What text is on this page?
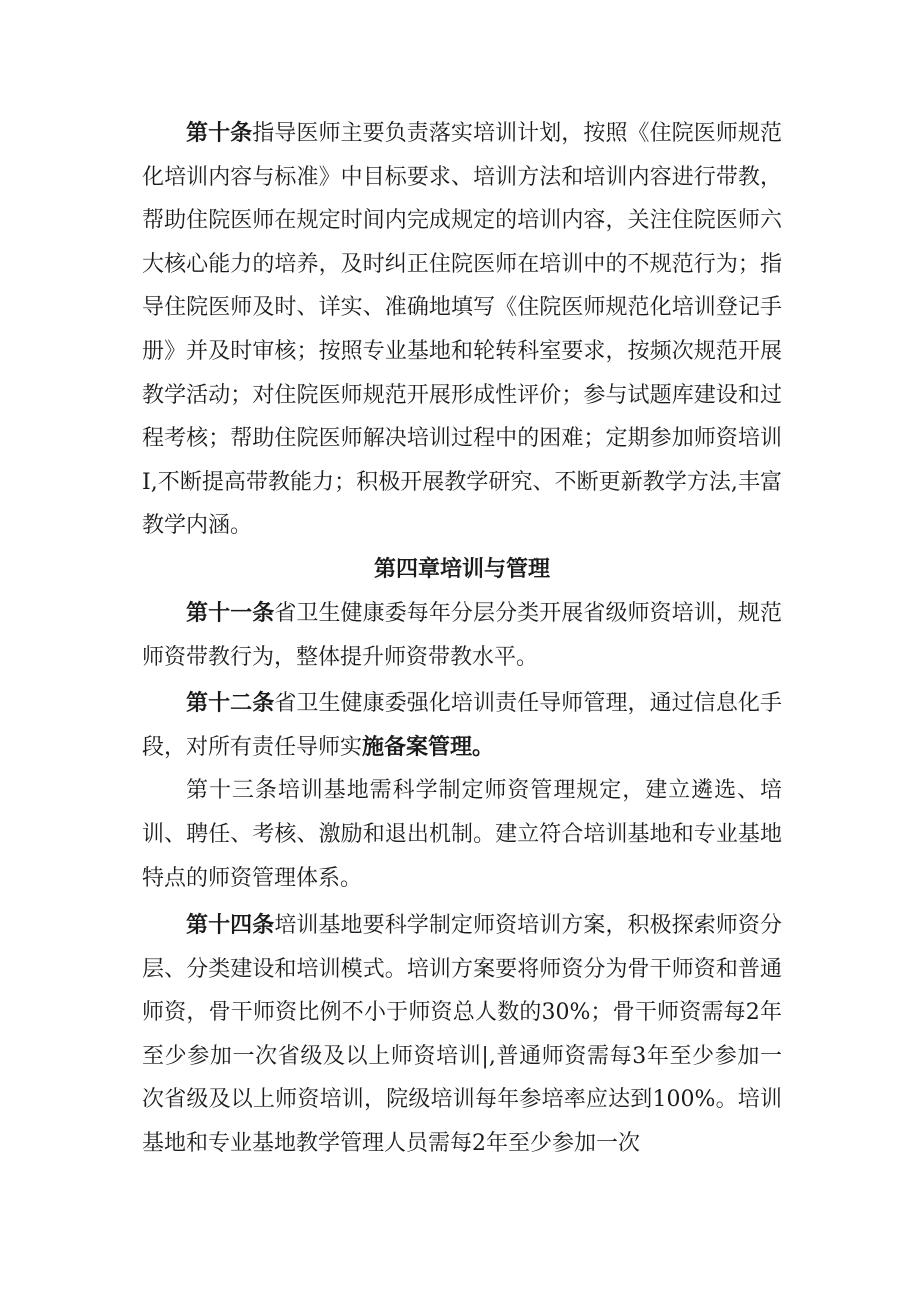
第十条指导医师主要负责落实培训计划，按照《住院医师规范化培训内容与标准》中目标要求、培训方法和培训内容进行带教，帮助住院医师在规定时间内完成规定的培训内容，关注住院医师六大核心能力的培养，及时纠正住院医师在培训中的不规范行为；指导住院医师及时、详实、准确地填写《住院医师规范化培训登记手册》并及时审核；按照专业基地和轮转科室要求，按频次规范开展教学活动；对住院医师规范开展形成性评价；参与试题库建设和过程考核；帮助住院医师解决培训过程中的困难；定期参加师资培训Ⅰ,不断提高带教能力；积极开展教学研究、不断更新教学方法,丰富教学内涵。

第四章培训与管理

第十一条省卫生健康委每年分层分类开展省级师资培训，规范师资带教行为，整体提升师资带教水平。

第十二条省卫生健康委强化培训责任导师管理，通过信息化手段，对所有责任导师实施备案管理。

第十三条培训基地需科学制定师资管理规定，建立遴选、培训、聘任、考核、激励和退出机制。建立符合培训基地和专业基地特点的师资管理体系。

第十四条培训基地要科学制定师资培训方案，积极探索师资分层、分类建设和培训模式。培训方案要将师资分为骨干师资和普通师资，骨干师资比例不小于师资总人数的30%；骨干师资需每2年至少参加一次省级及以上师资培训|,普通师资需每3年至少参加一次省级及以上师资培训，院级培训每年参培率应达到100%。培训基地和专业基地教学管理人员需每2年至少参加一次
